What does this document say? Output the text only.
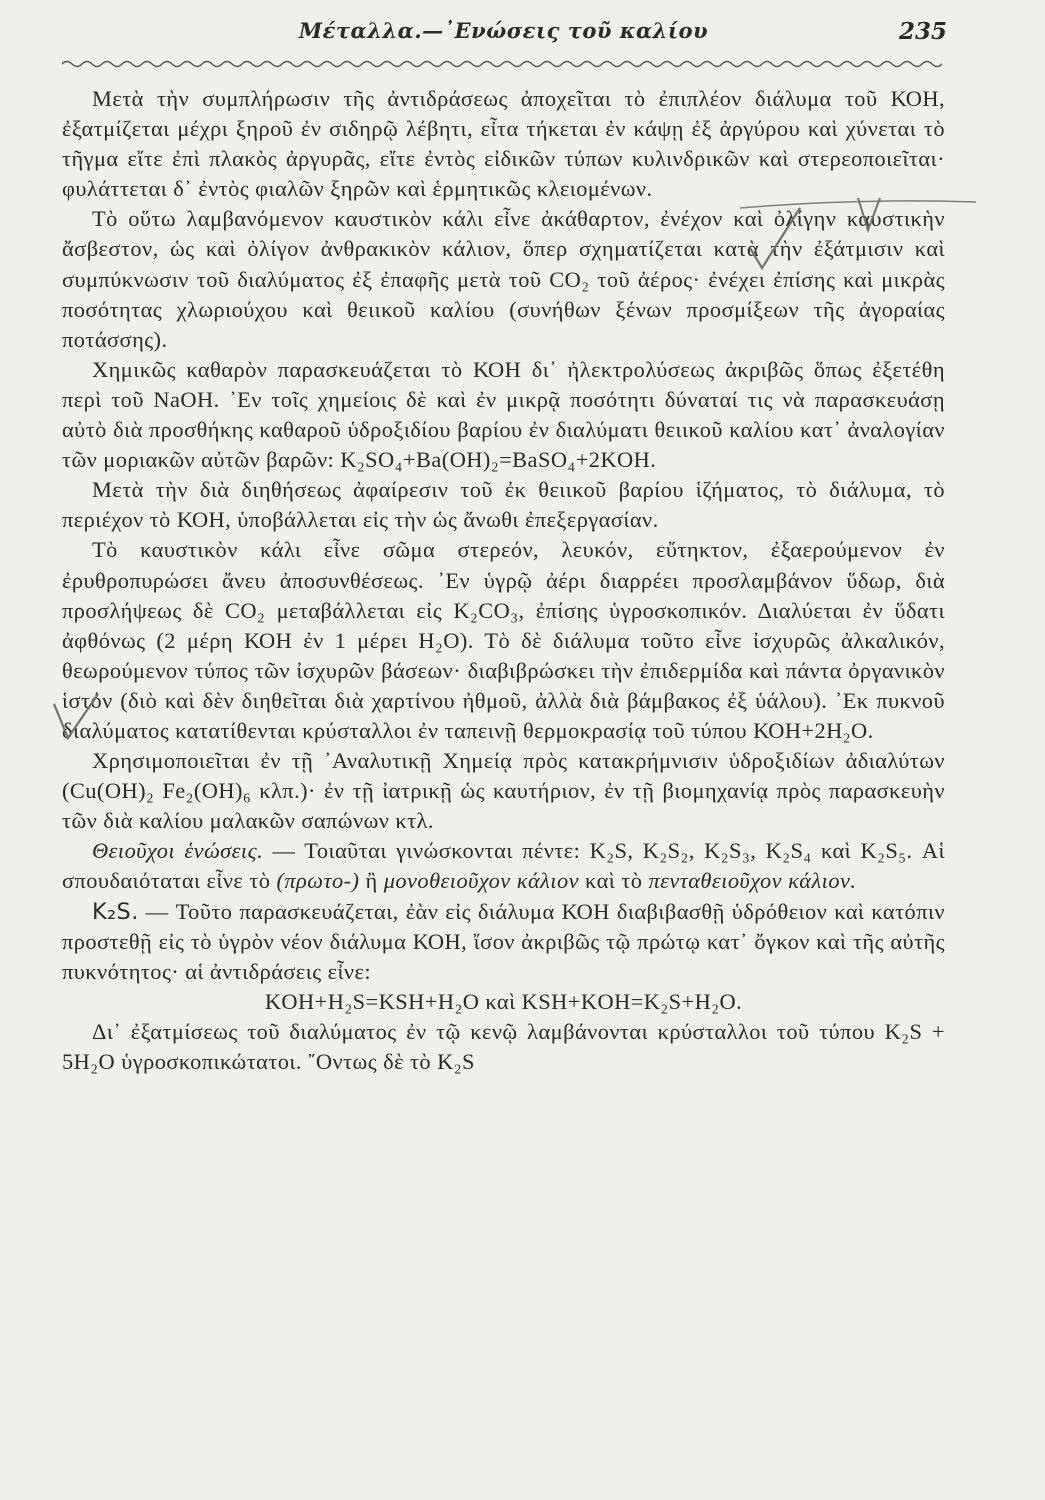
Μέταλλα.—᾿Ενώσεις τοῦ καλίου	235

Μετὰ τὴν συμπλήρωσιν τῆς ἀντιδράσεως ἀποχεῖται τὸ ἐπιπλέον διάλυμα τοῦ ΚΟΗ, ἐξατμίζεται μέχρι ξηροῦ ἐν σιδηρῷ λέβητι, εἶτα τήκεται ἐν κάψῃ ἐξ ἀργύρου καὶ χύνεται τὸ τῆγμα εἴτε ἐπὶ πλακὸς ἀργυρᾶς, εἴτε ἐντὸς εἰδικῶν τύπων κυλινδρικῶν καὶ στερεοποιεῖται· φυλάττεται δ᾿ ἐντὸς φιαλῶν ξηρῶν καὶ ἑρμητικῶς κλειομένων.

Τὸ οὕτω λαμβανόμενον καυστικὸν κάλι εἶνε ἀκάθαρτον, ἐνέχον καὶ ὀλίγην καυστικὴν ἄσβεστον, ὡς καὶ ὀλίγον ἀνθρακικὸν κάλιον, ὅπερ σχηματίζεται κατὰ τὴν ἐξάτμισιν καὶ συμπύκνωσιν τοῦ διαλύματος ἐξ ἐπαφῆς μετὰ τοῦ CO₂ τοῦ ἀέρος· ἐνέχει ἐπίσης καὶ μικρὰς ποσότητας χλωριούχου καὶ θειικοῦ καλίου (συνήθων ξένων προσμίξεων τῆς ἀγοραίας ποτάσσης).

Χημικῶς καθαρὸν παρασκευάζεται τὸ ΚΟΗ δι᾿ ἠλεκτρολύσεως ἀκριβῶς ὅπως ἐξετέθη περὶ τοῦ NaOH. ᾿Εν τοῖς χημείοις δὲ καὶ ἐν μικρᾷ ποσότητι δύναταί τις νὰ παρασκευάσῃ αὐτὸ διὰ προσθήκης καθαροῦ ὑδροξιδίου βαρίου ἐν διαλύματι θειικοῦ καλίου κατ᾿ ἀναλογίαν τῶν μοριακῶν αὐτῶν βαρῶν: K₂SO₄+Ba(OH)₂=BaSO₄+2KOH.

Μετὰ τὴν διὰ διηθήσεως ἀφαίρεσιν τοῦ ἐκ θειικοῦ βαρίου ἱζήματος, τὸ διάλυμα, τὸ περιέχον τὸ ΚΟΗ, ὑποβάλλεται εἰς τὴν ὡς ἄνωθι ἐπεξεργασίαν.

Τὸ καυστικὸν κάλι εἶνε σῶμα στερεόν, λευκόν, εὔτηκτον, ἐξαερούμενον ἐν ἐρυθροπυρώσει ἄνευ ἀποσυνθέσεως. ᾿Εν ὑγρῷ ἀέρι διαρρέει προσλαμβάνον ὕδωρ, διὰ προσλήψεως δὲ CO₂ μεταβάλλεται εἰς K₂CO₃, ἐπίσης ὑγροσκοπικόν. Διαλύεται ἐν ὕδατι ἀφθόνως (2 μέρη ΚΟΗ ἐν 1 μέρει H₂O). Τὸ δὲ διάλυμα τοῦτο εἶνε ἰσχυρῶς ἀλκαλικόν, θεωρούμενον τύπος τῶν ἰσχυρῶν βάσεων· διαβιβρώσκει τὴν ἐπιδερμίδα καὶ πάντα ὀργανικὸν ἱστόν (διὸ καὶ δὲν διηθεῖται διὰ χαρτίνου ἠθμοῦ, ἀλλὰ διὰ βάμβακος ἐξ ὑάλου). ᾿Εκ πυκνοῦ διαλύματος κατατίθενται κρύσταλλοι ἐν ταπεινῇ θερμοκρασίᾳ τοῦ τύπου ΚΟΗ+2H₂O.

Χρησιμοποιεῖται ἐν τῇ ᾿Αναλυτικῇ Χημείᾳ πρὸς κατακρήμνισιν ὑδροξιδίων ἀδιαλύτων (Cu(OH)₂ Fe₂(OH)₆ κλπ.)· ἐν τῇ ἰατρικῇ ὡς καυτήριον, ἐν τῇ βιομηχανίᾳ πρὸς παρασκευὴν τῶν διὰ καλίου μαλακῶν σαπώνων κτλ.

Θειοῦχοι ἑνώσεις. — Τοιαῦται γινώσκονται πέντε: K₂S, K₂S₂, K₂S₃, K₂S₄ καὶ K₂S₅. Αἱ σπουδαιόταται εἶνε τὸ (πρωτο-) ἢ μονοθειοῦχον κάλιον καὶ τὸ πενταθειοῦχον κάλιον.

K₂S. — Τοῦτο παρασκευάζεται, ἐὰν εἰς διάλυμα ΚΟΗ διαβιβασθῇ ὑδρόθειον καὶ κατόπιν προστεθῇ εἰς τὸ ὑγρὸν νέον διάλυμα ΚΟΗ, ἴσον ἀκριβῶς τῷ πρώτῳ κατ᾿ ὄγκον καὶ τῆς αὐτῆς πυκνότητος· αἱ ἀντιδράσεις εἶνε:

KOH+H₂S=KSH+H₂O καὶ KSH+KOH=K₂S+H₂O.

Δι᾿ ἐξατμίσεως τοῦ διαλύματος ἐν τῷ κενῷ λαμβάνονται κρύσταλλοι τοῦ τύπου K₂S + 5H₂O ὑγροσκοπικώτατοι. ῎Οντως δὲ τὸ K₂S
